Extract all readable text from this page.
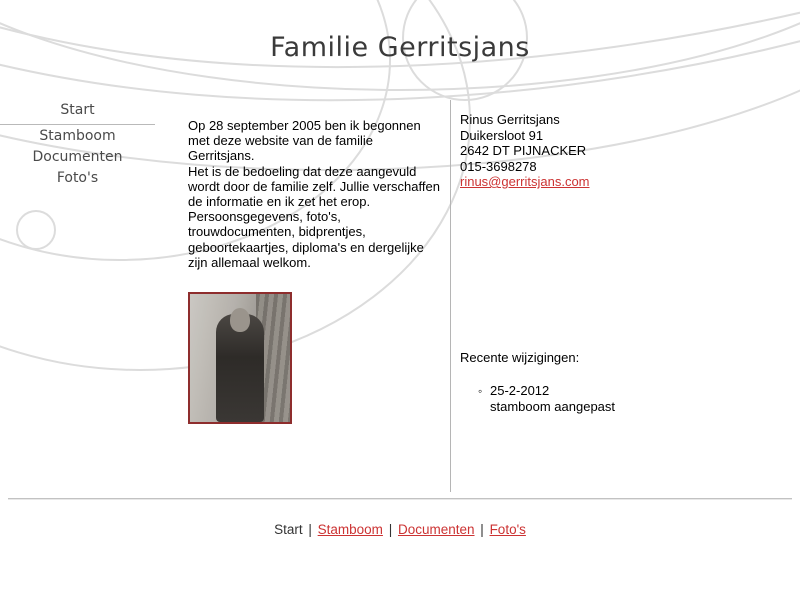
Familie Gerritsjans
Start
Stamboom
Documenten
Foto's

Op 28 september 2005 ben ik begonnen met deze website van de familie Gerritsjans.

Het is de bedoeling dat deze aangevuld wordt door de familie zelf. Jullie verschaffen de informatie en ik zet het erop. Persoonsgegevens, foto's, trouwdocumenten, bidprentjes, geboortekaartjes, diploma's en dergelijke zijn allemaal welkom.

Rinus Gerritsjans
Duikersloot 91
2642 DT PIJNACKER
015-3698278
rinus@gerritsjans.com
Recente wijzigingen:
◦ 25-2-2012
stamboom aangepast
Start | Stamboom | Documenten | Foto's
